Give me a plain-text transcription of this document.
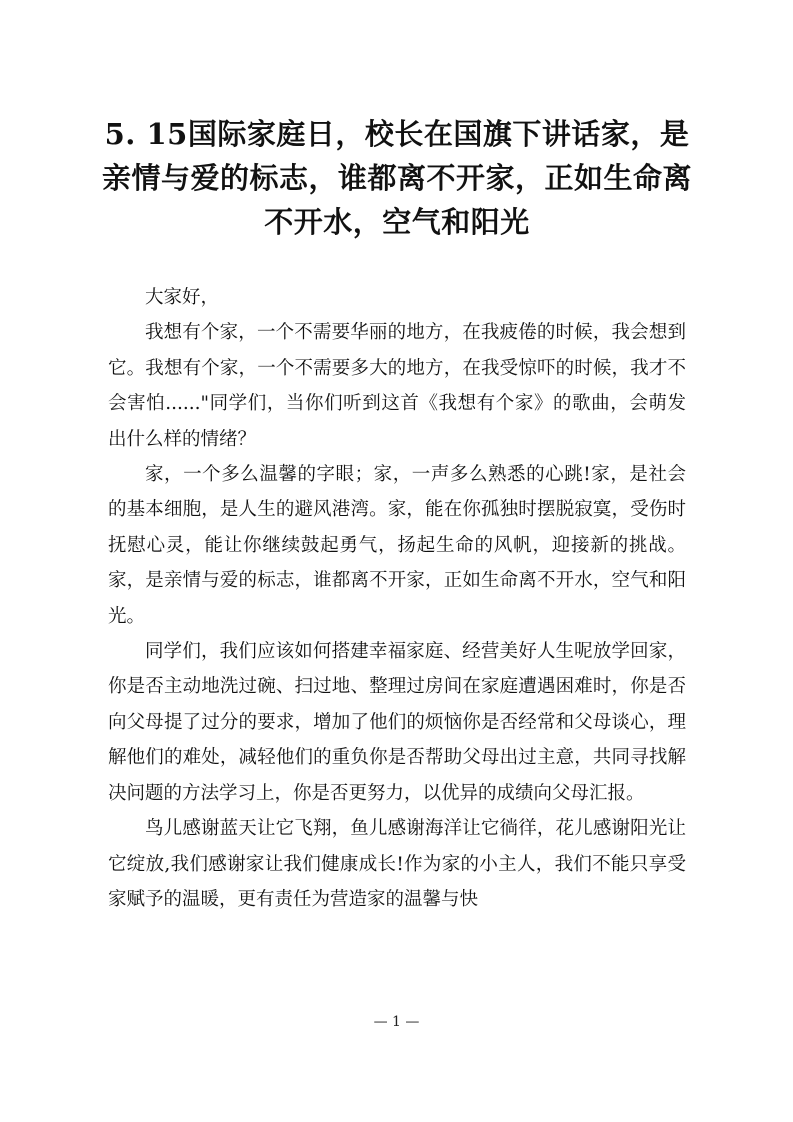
5. 15国际家庭日，校长在国旗下讲话家，是亲情与爱的标志，谁都离不开家，正如生命离不开水，空气和阳光

大家好，

我想有个家，一个不需要华丽的地方，在我疲倦的时候，我会想到它。我想有个家，一个不需要多大的地方，在我受惊吓的时候，我才不会害怕......"同学们，当你们听到这首《我想有个家》的歌曲，会萌发出什么样的情绪？

家，一个多么温馨的字眼；家，一声多么熟悉的心跳!家，是社会的基本细胞，是人生的避风港湾。家，能在你孤独时摆脱寂寞，受伤时抚慰心灵，能让你继续鼓起勇气，扬起生命的风帆，迎接新的挑战。家，是亲情与爱的标志，谁都离不开家，正如生命离不开水，空气和阳光。

同学们，我们应该如何搭建幸福家庭、经营美好人生呢放学回家，你是否主动地洗过碗、扫过地、整理过房间在家庭遭遇困难时，你是否向父母提了过分的要求，增加了他们的烦恼你是否经常和父母谈心，理解他们的难处，减轻他们的重负你是否帮助父母出过主意，共同寻找解决问题的方法学习上，你是否更努力，以优异的成绩向父母汇报。

鸟儿感谢蓝天让它飞翔，鱼儿感谢海洋让它徜徉，花儿感谢阳光让它绽放,我们感谢家让我们健康成长!作为家的小主人，我们不能只享受家赋予的温暖，更有责任为营造家的温馨与快

— 1 —
